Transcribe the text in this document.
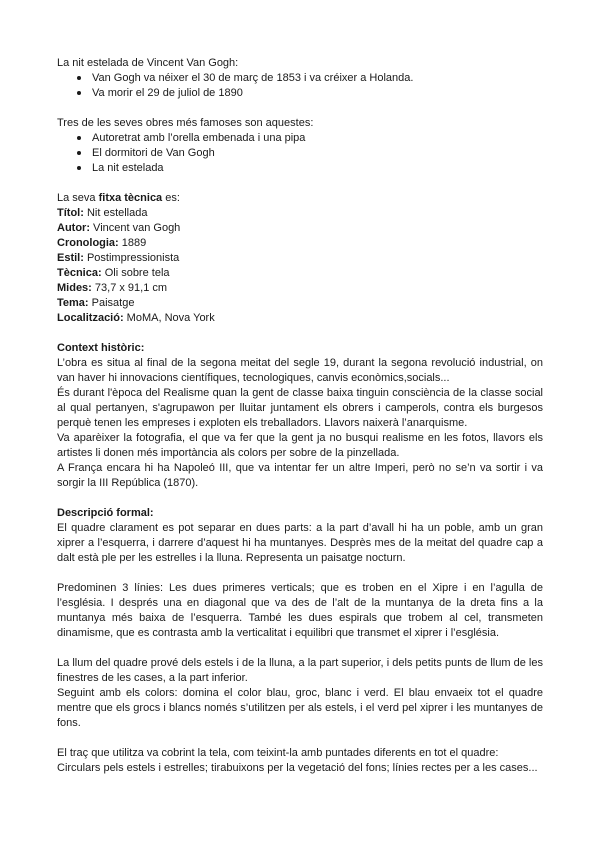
La nit estelada de Vincent Van Gogh:

Van Gogh va néixer el 30 de març de 1853 i va créixer a Holanda.
Va morir el 29 de juliol de 1890

Tres de les seves obres més famoses son aquestes:

Autoretrat amb l’orella embenada i una pipa
El dormitori de Van Gogh
La nit estelada

La seva fitxa tècnica es:

Títol: Nit estellada

Autor: Vincent van Gogh

Cronologia: 1889

Estil: Postimpressionista

Tècnica: Oli sobre tela

Mides: 73,7 x 91,1 cm

Tema: Paisatge

Localització: MoMA, Nova York

Context històric:

L’obra es situa al final de la segona meitat del segle 19, durant la segona revolució industrial, on van haver hi innovacions científiques, tecnologiques, canvis econòmics,socials...

És durant l'època del Realisme quan la gent de classe baixa tinguin consciència de la classe social al qual pertanyen, s'agrupawon per lluitar juntament els obrers i camperols, contra els burgesos perquè tenen les empreses i exploten els treballadors. Llavors naixerà l’anarquisme.

Va aparèixer la fotografia, el que va fer que la gent ja no busqui realisme en les fotos, llavors els artistes li donen més importància als colors per sobre de la pinzellada.

A França encara hi ha Napoleó III, que va intentar fer un altre Imperi, però no se’n va sortir i va sorgir la III República (1870).

Descripció formal:

El quadre clarament es pot separar en dues parts: a la part d’avall hi ha un poble, amb un gran xiprer a l’esquerra, i darrere d’aquest hi ha muntanyes. Desprès mes de la meitat del quadre cap a dalt està ple per les estrelles i la lluna. Representa un paisatge nocturn.

Predominen 3 línies: Les dues primeres verticals; que es troben en el Xipre i en l’agulla de l’església. I després una en diagonal que va des de l’alt de la muntanya de la dreta fins a la muntanya més baixa de l’esquerra. També les dues espirals que trobem al cel, transmeten dinamisme, que es contrasta amb la verticalitat i equilibri que transmet el xiprer i l’església.

La llum del quadre prové dels estels i de la lluna, a la part superior, i dels petits punts de llum de les finestres de les cases, a la part inferior.

Seguint amb els colors: domina el color blau, groc, blanc i verd. El blau envaeix tot el quadre mentre que els grocs i blancs només s’utilitzen per als estels, i el verd pel xiprer i les muntanyes de fons.

El traç que utilitza va cobrint la tela, com teixint-la amb puntades diferents en tot el quadre:

Circulars pels estels i estrelles; tirabuixons per la vegetació del fons; línies rectes per a les cases...
